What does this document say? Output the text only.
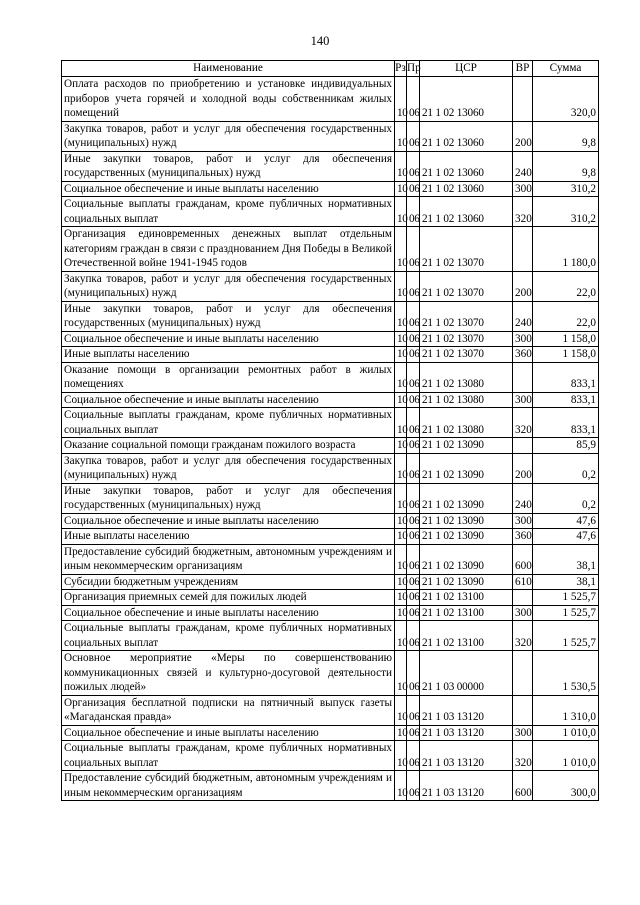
140
Наименование	Рз	Пр	ЦСР	ВР	Сумма
Оплата расходов по приобретению и установке индивидуальных приборов учета горячей и холодной воды собственникам жилых помещений	10	06	21 1 02 13060		320,0
Закупка товаров, работ и услуг для обеспечения государственных (муниципальных) нужд	10	06	21 1 02 13060	200	9,8
Иные закупки товаров, работ и услуг для обеспечения государственных (муниципальных) нужд	10	06	21 1 02 13060	240	9,8
Социальное обеспечение и иные выплаты населению	10	06	21 1 02 13060	300	310,2
Социальные выплаты гражданам, кроме публичных нормативных социальных выплат	10	06	21 1 02 13060	320	310,2
Организация единовременных денежных выплат отдельным категориям граждан в связи с празднованием Дня Победы в Великой Отечественной войне 1941-1945 годов	10	06	21 1 02 13070		1 180,0
Закупка товаров, работ и услуг для обеспечения государственных (муниципальных) нужд	10	06	21 1 02 13070	200	22,0
Иные закупки товаров, работ и услуг для обеспечения государственных (муниципальных) нужд	10	06	21 1 02 13070	240	22,0
Социальное обеспечение и иные выплаты населению	10	06	21 1 02 13070	300	1 158,0
Иные выплаты населению	10	06	21 1 02 13070	360	1 158,0
Оказание помощи в организации ремонтных работ в жилых помещениях	10	06	21 1 02 13080		833,1
Социальное обеспечение и иные выплаты населению	10	06	21 1 02 13080	300	833,1
Социальные выплаты гражданам, кроме публичных нормативных социальных выплат	10	06	21 1 02 13080	320	833,1
Оказание социальной помощи гражданам пожилого возраста	10	06	21 1 02 13090		85,9
Закупка товаров, работ и услуг для обеспечения государственных (муниципальных) нужд	10	06	21 1 02 13090	200	0,2
Иные закупки товаров, работ и услуг для обеспечения государственных (муниципальных) нужд	10	06	21 1 02 13090	240	0,2
Социальное обеспечение и иные выплаты населению	10	06	21 1 02 13090	300	47,6
Иные выплаты населению	10	06	21 1 02 13090	360	47,6
Предоставление субсидий бюджетным, автономным учреждениям и иным некоммерческим организациям	10	06	21 1 02 13090	600	38,1
Субсидии бюджетным учреждениям	10	06	21 1 02 13090	610	38,1
Организация приемных семей для пожилых людей	10	06	21 1 02 13100		1 525,7
Социальное обеспечение и иные выплаты населению	10	06	21 1 02 13100	300	1 525,7
Социальные выплаты гражданам, кроме публичных нормативных социальных выплат	10	06	21 1 02 13100	320	1 525,7
Основное мероприятие «Меры по совершенствованию коммуникационных связей и культурно-досуговой деятельности пожилых людей»	10	06	21 1 03 00000		1 530,5
Организация бесплатной подписки на пятничный выпуск газеты «Магаданская правда»	10	06	21 1 03 13120		1 310,0
Социальное обеспечение и иные выплаты населению	10	06	21 1 03 13120	300	1 010,0
Социальные выплаты гражданам, кроме публичных нормативных социальных выплат	10	06	21 1 03 13120	320	1 010,0
Предоставление субсидий бюджетным, автономным учреждениям и иным некоммерческим организациям	10	06	21 1 03 13120	600	300,0
